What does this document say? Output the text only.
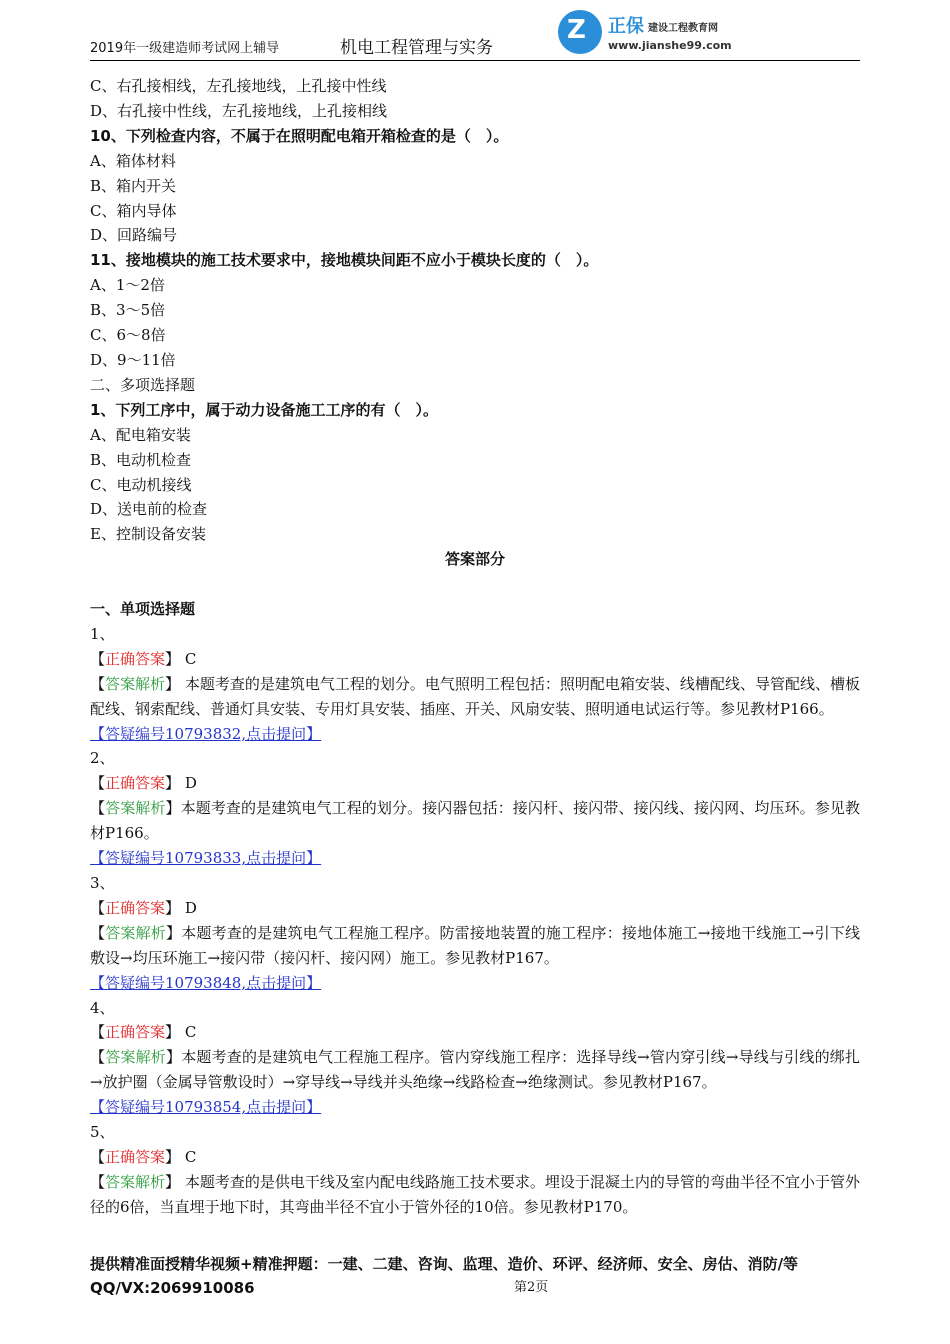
2019年一级建造师考试网上辅导	机电工程管理与实务
Z 正保 建设工程教育网
www.jianshe99.com
C、右孔接相线，左孔接地线，上孔接中性线
D、右孔接中性线，左孔接地线，上孔接相线
10、下列检查内容，不属于在照明配电箱开箱检查的是（　）。
A、箱体材料
B、箱内开关
C、箱内导体
D、回路编号
11、接地模块的施工技术要求中，接地模块间距不应小于模块长度的（　）。
A、1～2倍
B、3～5倍
C、6～8倍
D、9～11倍
二、多项选择题
1、下列工序中，属于动力设备施工工序的有（　）。
A、配电箱安装
B、电动机检查
C、电动机接线
D、送电前的检查
E、控制设备安装
答案部分
一、单项选择题
1、
【正确答案】 C
【答案解析】 本题考查的是建筑电气工程的划分。电气照明工程包括：照明配电箱安装、线槽配线、导管配线、槽板配线、钢索配线、普通灯具安装、专用灯具安装、插座、开关、风扇安装、照明通电试运行等。参见教材P166。
【答疑编号10793832,点击提问】
2、
【正确答案】 D
【答案解析】本题考查的是建筑电气工程的划分。接闪器包括：接闪杆、接闪带、接闪线、接闪网、均压环。参见教材P166。
【答疑编号10793833,点击提问】
3、
【正确答案】 D
【答案解析】本题考查的是建筑电气工程施工程序。防雷接地装置的施工程序：接地体施工→接地干线施工→引下线敷设→均压环施工→接闪带（接闪杆、接闪网）施工。参见教材P167。
【答疑编号10793848,点击提问】
4、
【正确答案】 C
【答案解析】本题考查的是建筑电气工程施工程序。管内穿线施工程序：选择导线→管内穿引线→导线与引线的绑扎→放护圈（金属导管敷设时）→穿导线→导线并头绝缘→线路检查→绝缘测试。参见教材P167。
【答疑编号10793854,点击提问】
5、
【正确答案】 C
【答案解析】 本题考查的是供电干线及室内配电线路施工技术要求。埋设于混凝土内的导管的弯曲半径不宜小于管外径的6倍，当直埋于地下时，其弯曲半径不宜小于管外径的10倍。参见教材P170。
提供精准面授精华视频+精准押题：一建、二建、咨询、监理、造价、环评、经济师、安全、房估、消防/等
QQ/VX:2069910086	第2页
